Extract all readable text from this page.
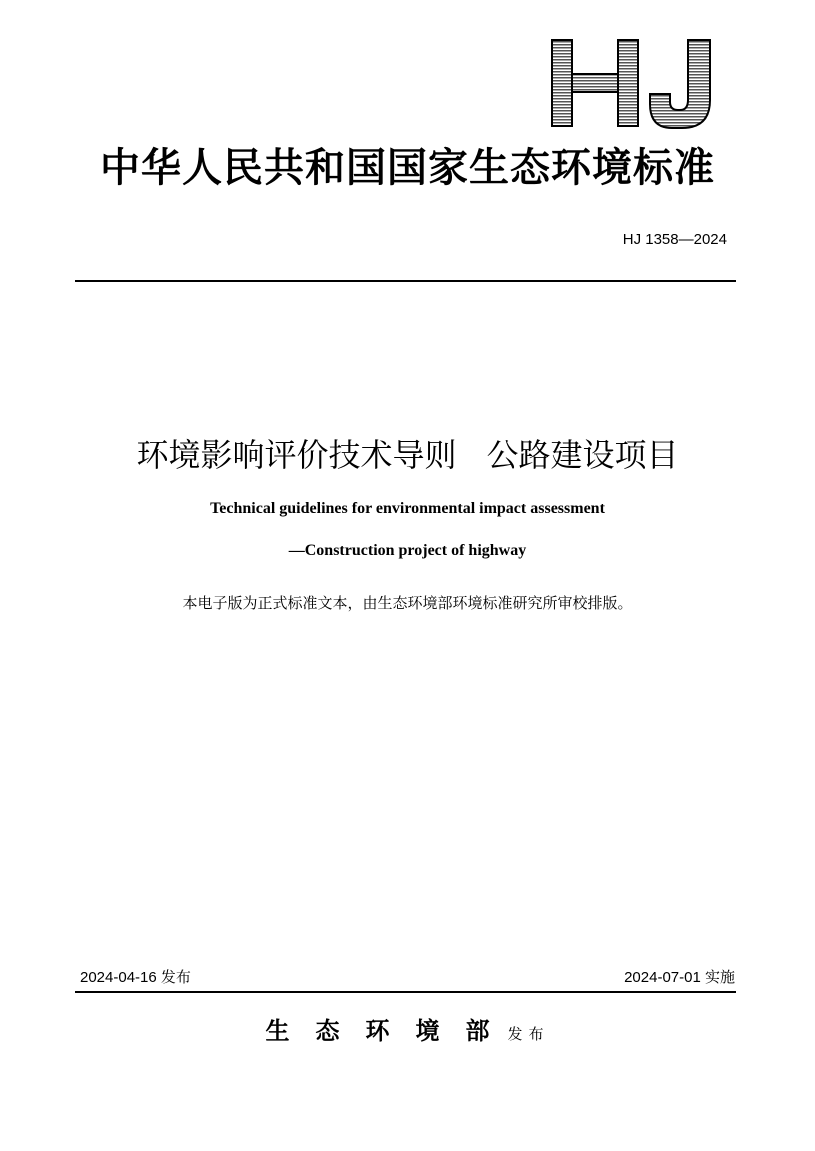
中华人民共和国国家生态环境标准
HJ 1358—2024
环境影响评价技术导则 公路建设项目
Technical guidelines for environmental impact assessment
—Construction project of highway
本电子版为正式标准文本，由生态环境部环境标准研究所审校排版。
2024-04-16 发布	2024-07-01 实施
生态环境部发布
